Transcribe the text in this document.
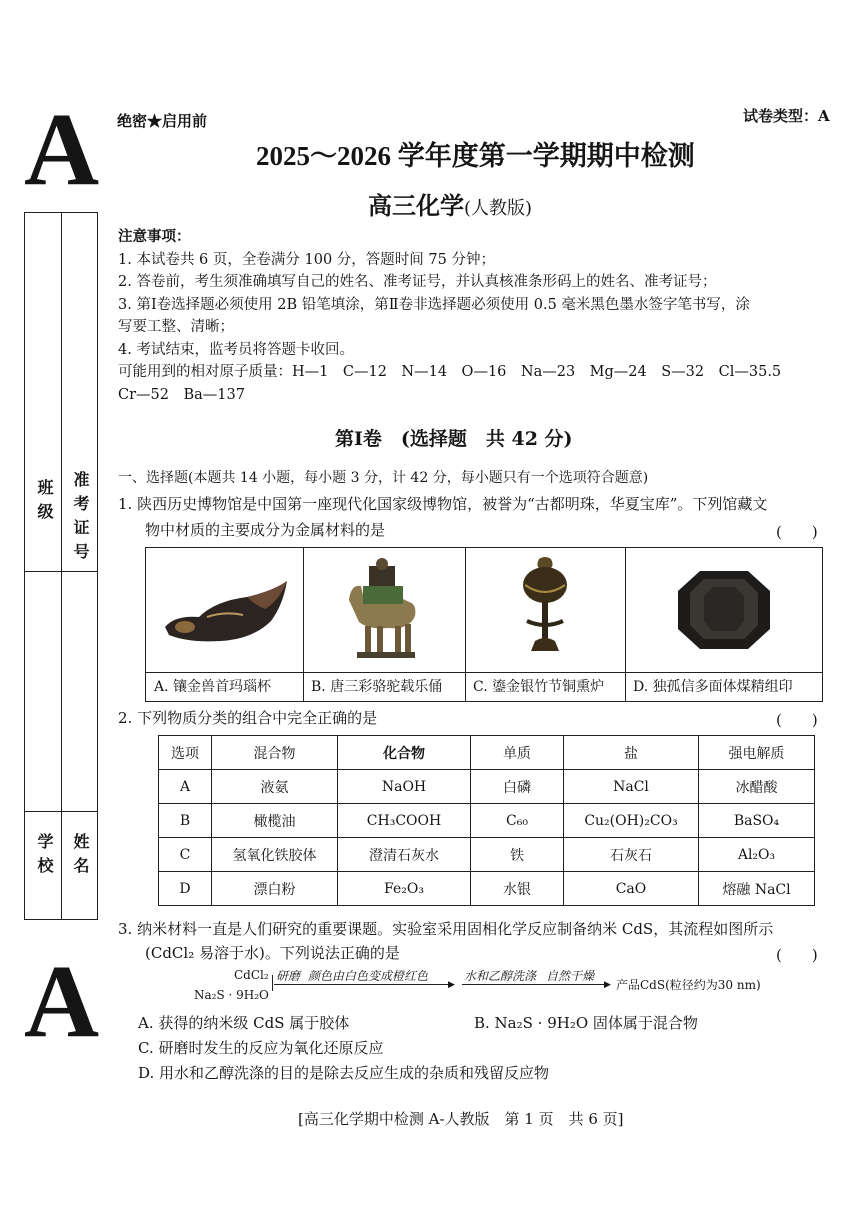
A
A
绝密★启用前	试卷类型：A
2025～2026 学年度第一学期期中检测
高三化学(人教版)
班级 准考证号
学校 姓名
注意事项：
1. 本试卷共 6 页，全卷满分 100 分，答题时间 75 分钟；
2. 答卷前，考生须准确填写自己的姓名、准考证号，并认真核准条形码上的姓名、准考证号；
3. 第Ⅰ卷选择题必须使用 2B 铅笔填涂，第Ⅱ卷非选择题必须使用 0.5 毫米黑色墨水签字笔书写，涂
写要工整、清晰；
4. 考试结束，监考员将答题卡收回。
可能用到的相对原子质量：H—1　C—12　N—14　O—16　Na—23　Mg—24　S—32　Cl—35.5
Cr—52　Ba—137
第Ⅰ卷　(选择题　共 42 分)
一、选择题(本题共 14 小题，每小题 3 分，计 42 分，每小题只有一个选项符合题意)
1. 陕西历史博物馆是中国第一座现代化国家级博物馆，被誉为“古都明珠，华夏宝库”。下列馆藏文
物中材质的主要成分为金属材料的是	(　　)
A. 镶金兽首玛瑙杯	B. 唐三彩骆驼载乐俑	C. 鎏金银竹节铜熏炉	D. 独孤信多面体煤精组印
2. 下列物质分类的组合中完全正确的是	(　　)
选项	混合物	化合物	单质	盐	强电解质
A	液氨	NaOH	白磷	NaCl	冰醋酸
B	橄榄油	CH₃COOH	C₆₀	Cu₂(OH)₂CO₃	BaSO₄
C	氢氧化铁胶体	澄清石灰水	铁	石灰石	Al₂O₃
D	漂白粉	Fe₂O₃	水银	CaO	熔融 NaCl
3. 纳米材料一直是人们研究的重要课题。实验室采用固相化学反应制备纳米 CdS，其流程如图所示
(CdCl₂ 易溶于水)。下列说法正确的是	(　　)
CdCl₂
Na₂S · 9H₂O
研磨 颜色由白色变成橙红色
▶
水和乙醇洗涤 自然干燥
▶ 产品CdS(粒径约为30 nm)
A. 获得的纳米级 CdS 属于胶体	B. Na₂S · 9H₂O 固体属于混合物
C. 研磨时发生的反应为氧化还原反应
D. 用水和乙醇洗涤的目的是除去反应生成的杂质和残留反应物
[高三化学期中检测 A-人教版　第 1 页　共 6 页]
